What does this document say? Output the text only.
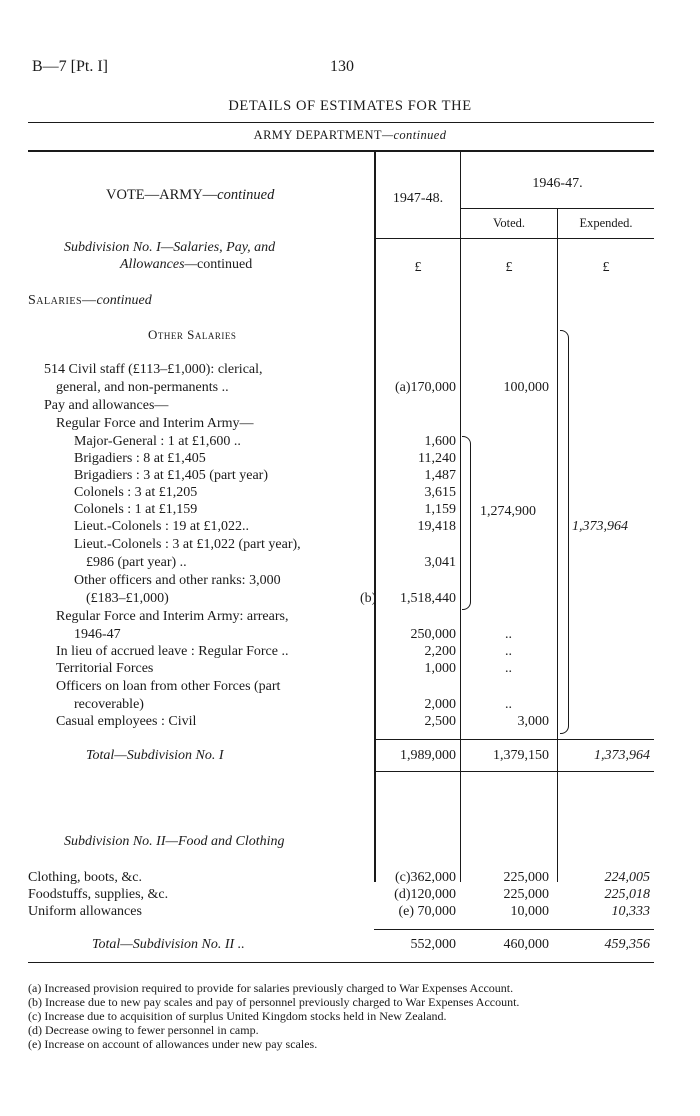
B—7 [Pt. I]	130
DETAILS OF ESTIMATES FOR THE
ARMY DEPARTMENT—continued
VOTE—ARMY—continued	1947-48.
1946-47.
Voted.	Expended.
Subdivision No. I—Salaries, Pay, and
Allowances—continued	£	£	£
Salaries—continued
Other Salaries
514 Civil staff (£113–£1,000): clerical,
general, and non-permanents ..	(a)170,000	100,000
Pay and allowances—
Regular Force and Interim Army—
Major-General : 1 at £1,600 ..	1,600
Brigadiers : 8 at £1,405	11,240
Brigadiers : 3 at £1,405 (part year)	1,487
Colonels : 3 at £1,205	3,615
Colonels : 1 at £1,159	1,159
Lieut.-Colonels : 19 at £1,022..	19,418
1,274,900
Lieut.-Colonels : 3 at £1,022 (part year),
£986 (part year) ..	3,041
Other officers and other ranks: 3,000
(£183–£1,000)	(b)	1,518,440
Regular Force and Interim Army: arrears,
1946-47	250,000	..
In lieu of accrued leave : Regular Force ..	2,200	..
Territorial Forces	1,000	..
Officers on loan from other Forces (part
recoverable)	2,000	..
Casual employees : Civil	2,500	3,000
1,373,964
Total—Subdivision No. I	1,989,000	1,379,150	1,373,964
Subdivision No. II—Food and Clothing
Clothing, boots, &c.	(c)362,000	225,000	224,005
Foodstuffs, supplies, &c.	(d)120,000	225,000	225,018
Uniform allowances	(e) 70,000	10,000	10,333
Total—Subdivision No. II ..	552,000	460,000	459,356
(a) Increased provision required to provide for salaries previously charged to War Expenses Account.
(b) Increase due to new pay scales and pay of personnel previously charged to War Expenses Account.
(c) Increase due to acquisition of surplus United Kingdom stocks held in New Zealand.
(d) Decrease owing to fewer personnel in camp.
(e) Increase on account of allowances under new pay scales.
